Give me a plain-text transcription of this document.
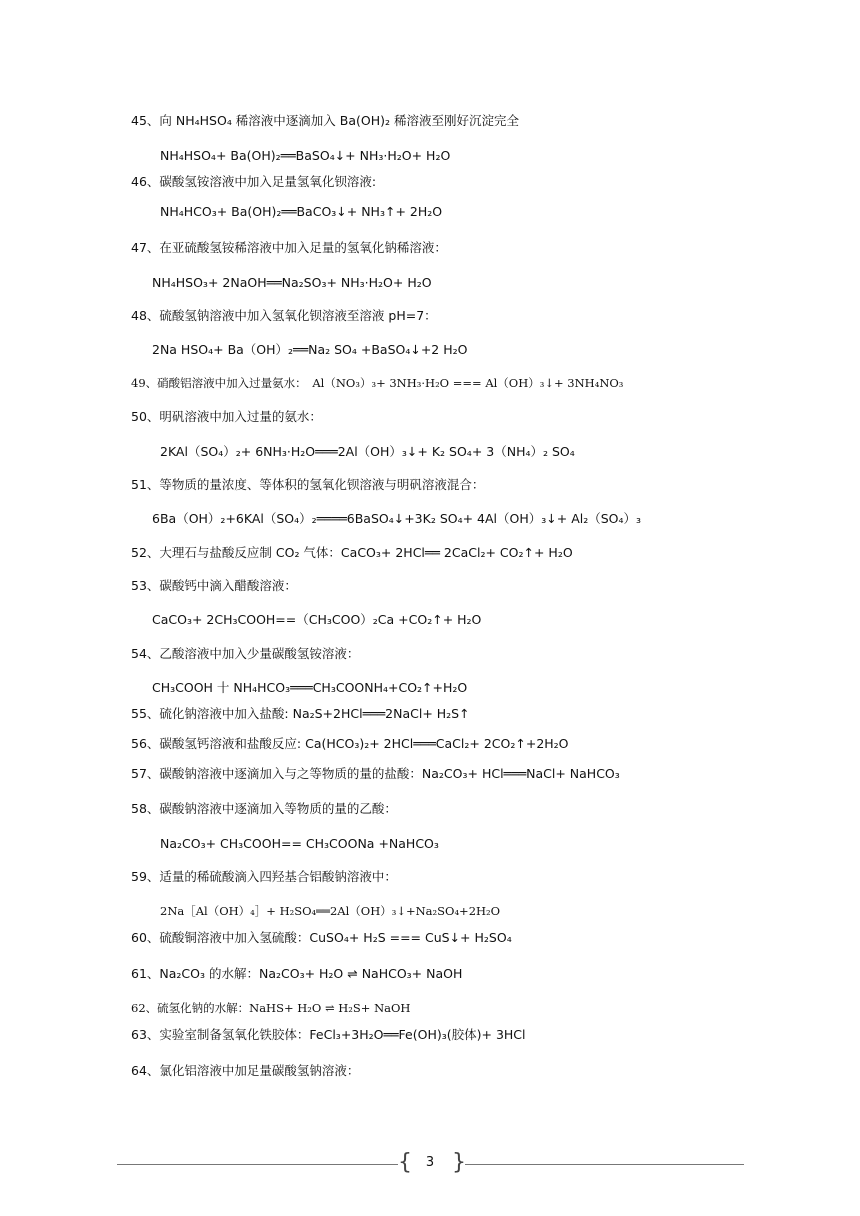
45、向 NH₄HSO₄ 稀溶液中逐滴加入 Ba(OH)₂ 稀溶液至刚好沉淀完全
NH₄HSO₄+ Ba(OH)₂══BaSO₄↓+ NH₃·H₂O+ H₂O
46、碳酸氢铵溶液中加入足量氢氧化钡溶液:
NH₄HCO₃+ Ba(OH)₂══BaCO₃↓+ NH₃↑+ 2H₂O
47、在亚硫酸氢铵稀溶液中加入足量的氢氧化钠稀溶液：
NH₄HSO₃+ 2NaOH══Na₂SO₃+ NH₃·H₂O+ H₂O
48、硫酸氢钠溶液中加入氢氧化钡溶液至溶液 pH=7：
2Na HSO₄+ Ba（OH）₂══Na₂ SO₄ +BaSO₄↓+2 H₂O
49、硝酸铝溶液中加入过量氨水：　Al（NO₃）₃+ 3NH₃·H₂O === Al（OH）₃↓+ 3NH₄NO₃
50、明矾溶液中加入过量的氨水：
2KAl（SO₄）₂+ 6NH₃·H₂O═══2Al（OH）₃↓+ K₂ SO₄+ 3（NH₄）₂ SO₄
51、等物质的量浓度、等体积的氢氧化钡溶液与明矾溶液混合：
6Ba（OH）₂+6KAl（SO₄）₂════6BaSO₄↓+3K₂ SO₄+ 4Al（OH）₃↓+ Al₂（SO₄）₃
52、大理石与盐酸反应制 CO₂ 气体：CaCO₃+ 2HCl══ 2CaCl₂+ CO₂↑+ H₂O
53、碳酸钙中滴入醋酸溶液：
CaCO₃+ 2CH₃COOH==（CH₃COO）₂Ca +CO₂↑+ H₂O
54、乙酸溶液中加入少量碳酸氢铵溶液：
CH₃COOH 十 NH₄HCO₃═══CH₃COONH₄+CO₂↑+H₂O
55、硫化钠溶液中加入盐酸: Na₂S+2HCl═══2NaCl+ H₂S↑
56、碳酸氢钙溶液和盐酸反应: Ca(HCO₃)₂+ 2HCl═══CaCl₂+ 2CO₂↑+2H₂O
57、碳酸钠溶液中逐滴加入与之等物质的量的盐酸：Na₂CO₃+ HCl═══NaCl+ NaHCO₃
58、碳酸钠溶液中逐滴加入等物质的量的乙酸：
Na₂CO₃+ CH₃COOH== CH₃COONa +NaHCO₃
59、适量的稀硫酸滴入四羟基合铝酸钠溶液中：
2Na［Al（OH）₄］+ H₂SO₄══2Al（OH）₃↓+Na₂SO₄+2H₂O
60、硫酸铜溶液中加入氢硫酸：CuSO₄+ H₂S === CuS↓+ H₂SO₄
61、Na₂CO₃ 的水解：Na₂CO₃+ H₂O ⇌ NaHCO₃+ NaOH
62、硫氢化钠的水解：NaHS+ H₂O ⇌ H₂S+ NaOH
63、实验室制备氢氧化铁胶体：FeCl₃+3H₂O══Fe(OH)₃(胶体)+ 3HCl
64、氯化铝溶液中加足量碳酸氢钠溶液：
{	3 }
